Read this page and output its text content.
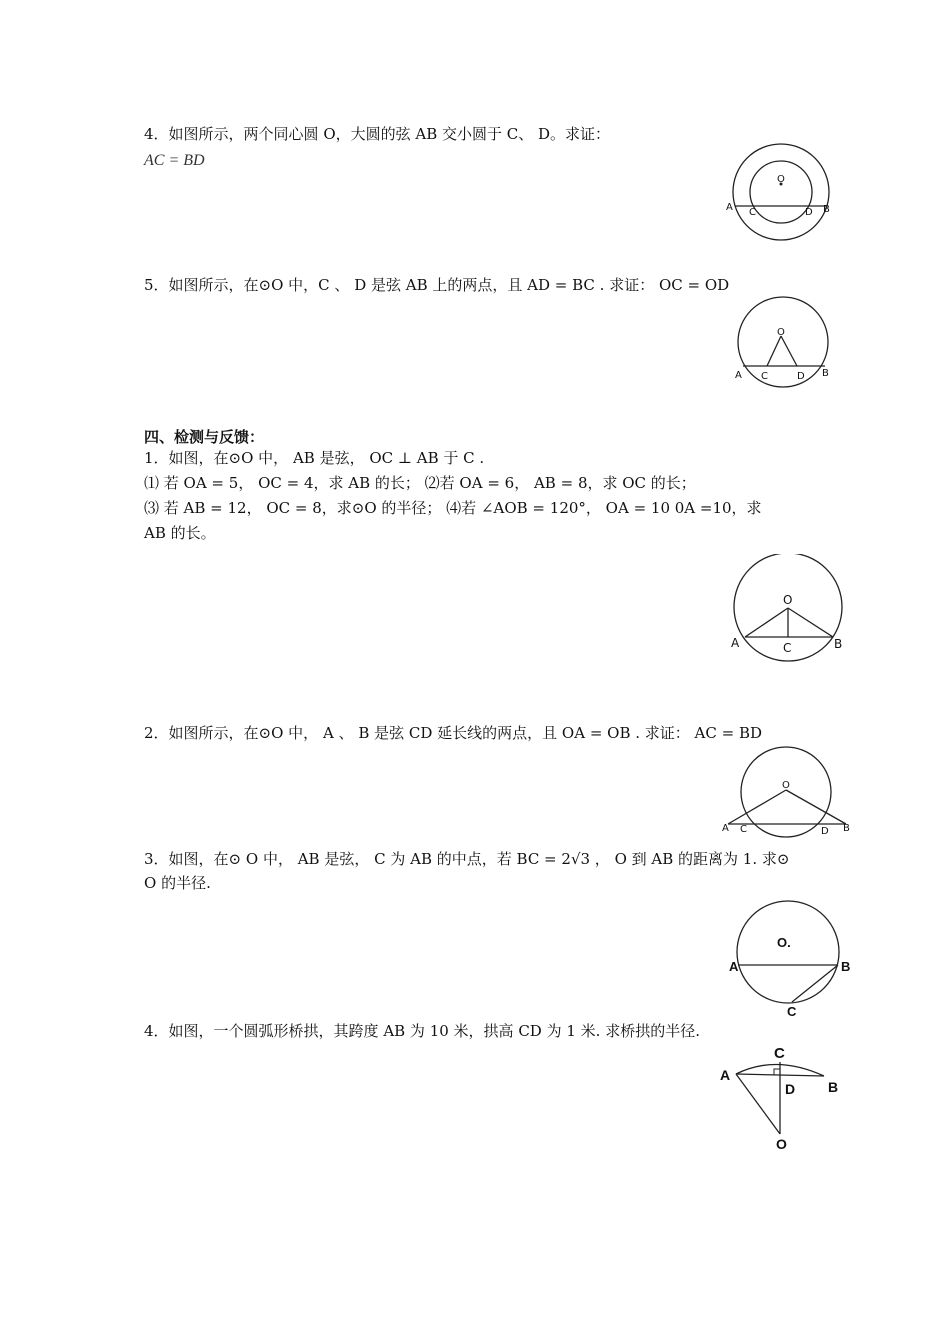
4．如图所示，两个同心圆 O，大圆的弦 AB 交小圆于 C、 D。求证：
AC = BD
5．如图所示，在⊙O 中，C 、 D 是弦 AB 上的两点，且 AD = BC . 求证： OC = OD
四、检测与反馈：
1．如图，在⊙O 中， AB 是弦， OC ⊥ AB 于 C .
⑴ 若 OA = 5， OC = 4，求 AB 的长； ⑵若 OA = 6， AB = 8，求 OC 的长；
⑶ 若 AB = 12， OC = 8，求⊙O 的半径； ⑷若 ∠AOB = 120°， OA = 10 0A =10，求
AB 的长。
2．如图所示，在⊙O 中， A 、 B 是弦 CD 延长线的两点，且 OA = OB . 求证： AC = BD
3．如图，在⊙ O 中， AB 是弦， C 为 AB 的中点，若 BC = 2√3 ， O 到 AB 的距离为 1. 求⊙
O 的半径.
4．如图，一个圆弧形桥拱，其跨度 AB 为 10 米，拱高 CD 为 1 米. 求桥拱的半径.
O
A C	D B
O
A C	D B
O
A	C	B
O
A C	D B
O.
A	B
C
C
A
D B
O
